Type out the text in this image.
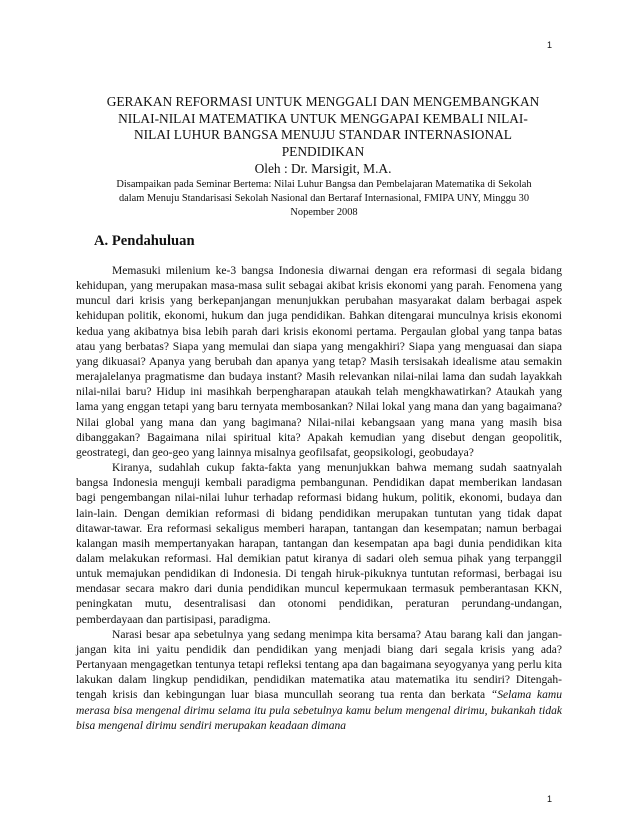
1
GERAKAN REFORMASI UNTUK MENGGALI DAN MENGEMBANGKAN
NILAI-NILAI MATEMATIKA UNTUK MENGGAPAI KEMBALI NILAI-
NILAI LUHUR BANGSA MENUJU STANDAR INTERNASIONAL
PENDIDIKAN
Oleh : Dr. Marsigit, M.A.
Disampaikan pada Seminar Bertema: Nilai Luhur Bangsa dan Pembelajaran Matematika di Sekolah
dalam Menuju Standarisasi Sekolah Nasional dan Bertaraf Internasional, FMIPA UNY, Minggu 30
Nopember 2008
A. Pendahuluan

Memasuki milenium ke-3 bangsa Indonesia diwarnai dengan era reformasi di segala bidang kehidupan, yang merupakan masa-masa sulit sebagai akibat krisis ekonomi yang parah. Fenomena yang muncul dari krisis yang berkepanjangan menunjukkan perubahan masyarakat dalam berbagai aspek kehidupan politik, ekonomi, hukum dan juga pendidikan. Bahkan ditengarai munculnya krisis ekonomi kedua yang akibatnya bisa lebih parah dari krisis ekonomi pertama. Pergaulan global yang tanpa batas atau yang berbatas? Siapa yang memulai dan siapa yang mengakhiri? Siapa yang menguasai dan siapa yang dikuasai? Apanya yang berubah dan apanya yang tetap? Masih tersisakah idealisme atau semakin merajalelanya pragmatisme dan budaya instant? Masih relevankan nilai-nilai lama dan sudah layakkah nilai-nilai baru? Hidup ini masihkah berpengharapan ataukah telah mengkhawatirkan? Ataukah yang lama yang enggan tetapi yang baru ternyata membosankan? Nilai lokal yang mana dan yang bagaimana? Nilai global yang mana dan yang bagimana? Nilai-nilai kebangsaan yang mana yang masih bisa dibanggakan? Bagaimana nilai spiritual kita? Apakah kemudian yang disebut dengan geopolitik, geostrategi, dan geo-geo yang lainnya misalnya geofilsafat, geopsikologi, geobudaya?

Kiranya, sudahlah cukup fakta-fakta yang menunjukkan bahwa memang sudah saatnyalah bangsa Indonesia menguji kembali paradigma pembangunan. Pendidikan dapat memberikan landasan bagi pengembangan nilai-nilai luhur terhadap reformasi bidang hukum, politik, ekonomi, budaya dan lain-lain. Dengan demikian reformasi di bidang pendidikan merupakan tuntutan yang tidak dapat ditawar-tawar. Era reformasi sekaligus memberi harapan, tantangan dan kesempatan; namun berbagai kalangan masih mempertanyakan harapan, tantangan dan kesempatan apa bagi dunia pendidikan kita dalam melakukan reformasi. Hal demikian patut kiranya di sadari oleh semua pihak yang terpanggil untuk memajukan pendidikan di Indonesia. Di tengah hiruk-pikuknya tuntutan reformasi, berbagai isu mendasar secara makro dari dunia pendidikan muncul kepermukaan termasuk pemberantasan KKN, peningkatan mutu, desentralisasi dan otonomi pendidikan, peraturan perundang-undangan, pemberdayaan dan partisipasi, paradigma.

Narasi besar apa sebetulnya yang sedang menimpa kita bersama? Atau barang kali dan jangan-jangan kita ini yaitu pendidik dan pendidikan yang menjadi biang dari segala krisis yang ada? Pertanyaan mengagetkan tentunya tetapi refleksi tentang apa dan bagaimana seyogyanya yang perlu kita lakukan dalam lingkup pendidikan, pendidikan matematika atau matematika itu sendiri? Ditengah-tengah krisis dan kebingungan luar biasa muncullah seorang tua renta dan berkata “Selama kamu merasa bisa mengenal dirimu selama itu pula sebetulnya kamu belum mengenal dirimu, bukankah tidak bisa mengenal dirimu sendiri merupakan keadaan dimana

1
